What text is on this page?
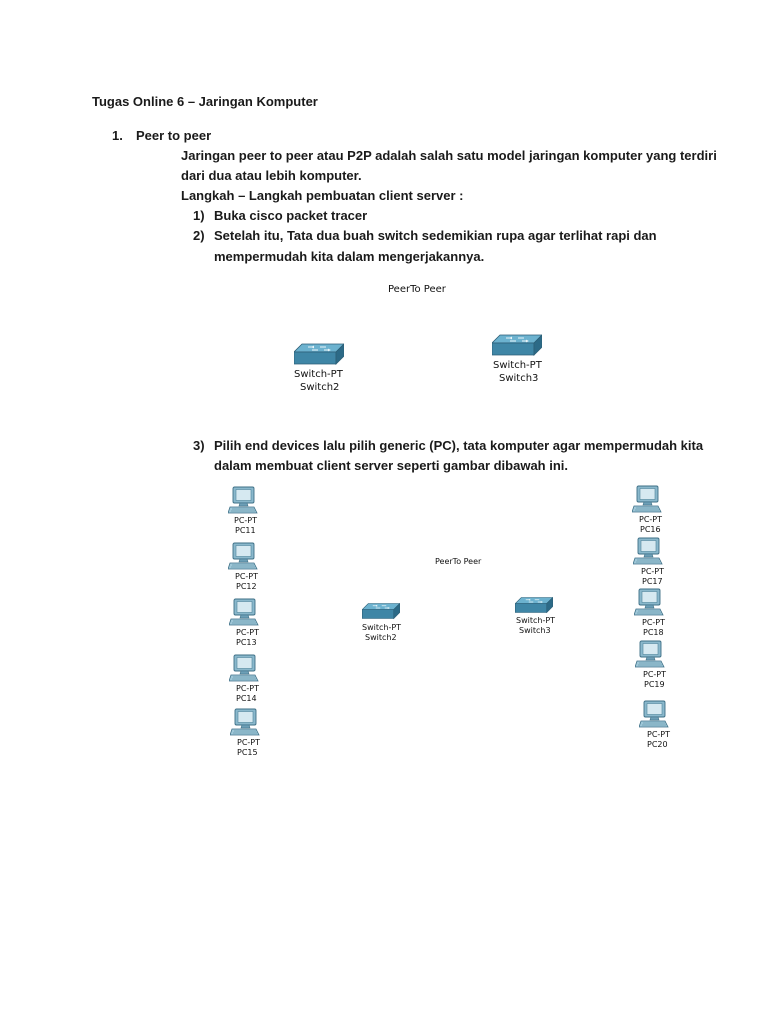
Tugas Online 6 – Jaringan Komputer
1. Peer to peer
Jaringan peer to peer atau P2P adalah salah satu model jaringan komputer yang terdiri
dari dua atau lebih komputer.
Langkah – Langkah pembuatan client server :
1) Buka cisco packet tracer
2) Setelah itu, Tata dua buah switch sedemikian rupa agar terlihat rapi dan
mempermudah kita dalam mengerjakannya.
PeerTo Peer
Switch-PT
Switch2
Switch-PT
Switch3
3) Pilih end devices lalu pilih generic (PC), tata komputer agar mempermudah kita
dalam membuat client server seperti gambar dibawah ini.
PeerTo Peer
Switch-PT
Switch2
Switch-PT
Switch3
PC-PT
PC11
PC-PT
PC12
PC-PT
PC13
PC-PT
PC14
PC-PT
PC15
PC-PT
PC16
PC-PT
PC17
PC-PT
PC18
PC-PT
PC19
PC-PT
PC20
